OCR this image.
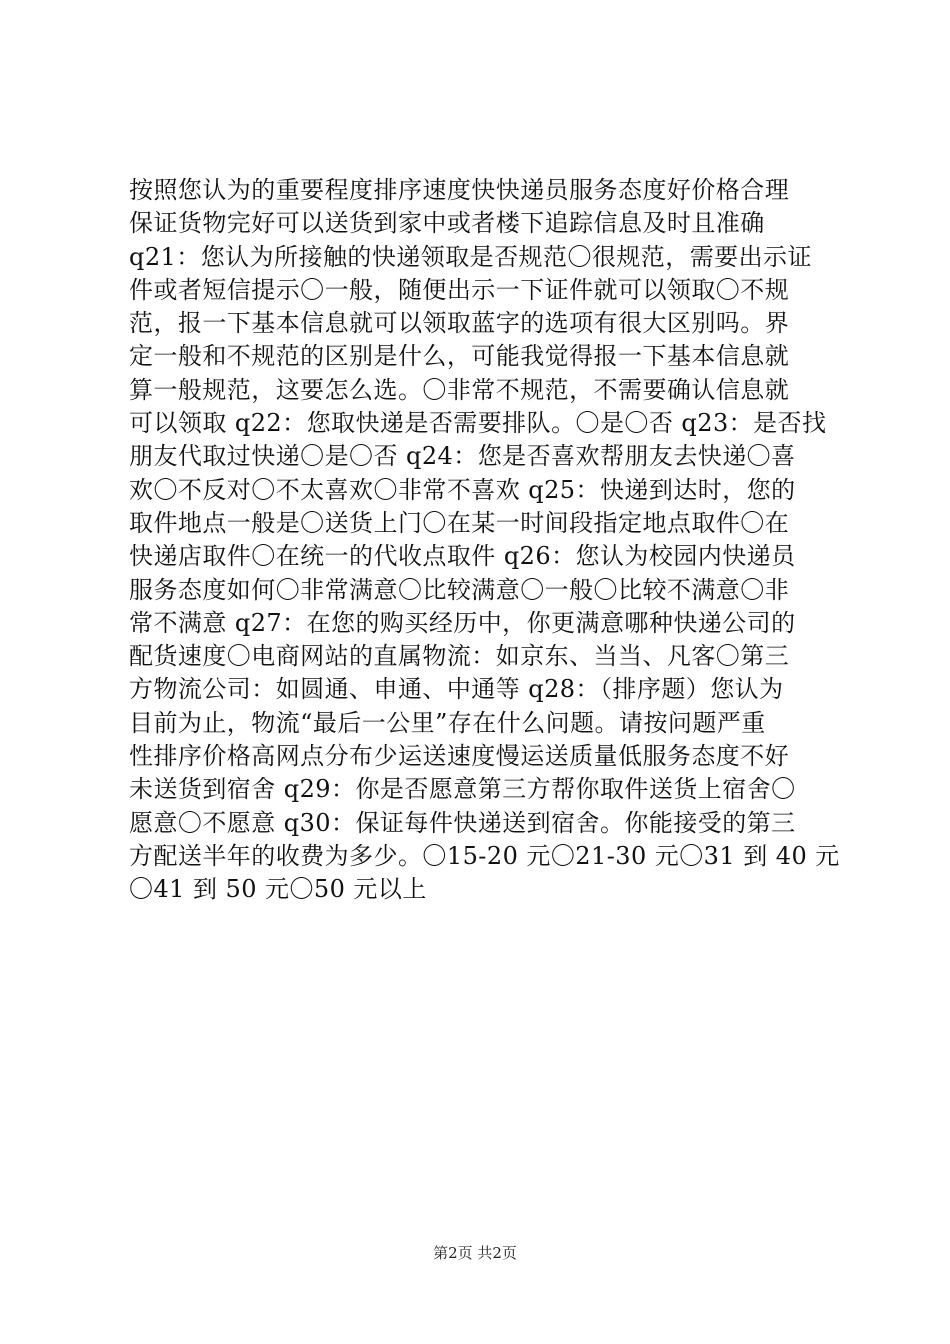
按照您认为的重要程度排序速度快快递员服务态度好价格合理
保证货物完好可以送货到家中或者楼下追踪信息及时且准确
q21：您认为所接触的快递领取是否规范〇很规范，需要出示证
件或者短信提示〇一般，随便出示一下证件就可以领取〇不规
范，报一下基本信息就可以领取蓝字的选项有很大区别吗。界
定一般和不规范的区别是什么，可能我觉得报一下基本信息就
算一般规范，这要怎么选。〇非常不规范，不需要确认信息就
可以领取 q22：您取快递是否需要排队。〇是〇否 q23：是否找
朋友代取过快递〇是〇否 q24：您是否喜欢帮朋友去快递〇喜
欢〇不反对〇不太喜欢〇非常不喜欢 q25：快递到达时，您的
取件地点一般是〇送货上门〇在某一时间段指定地点取件〇在
快递店取件〇在统一的代收点取件 q26：您认为校园内快递员
服务态度如何〇非常满意〇比较满意〇一般〇比较不满意〇非
常不满意 q27：在您的购买经历中，你更满意哪种快递公司的
配货速度〇电商网站的直属物流：如京东、当当、凡客〇第三
方物流公司：如圆通、申通、中通等 q28：（排序题）您认为
目前为止，物流“最后一公里”存在什么问题。请按问题严重
性排序价格高网点分布少运送速度慢运送质量低服务态度不好
未送货到宿舍 q29：你是否愿意第三方帮你取件送货上宿舍〇
愿意〇不愿意 q30：保证每件快递送到宿舍。你能接受的第三
方配送半年的收费为多少。〇15-20 元〇21-30 元〇31 到 40 元
〇41 到 50 元〇50 元以上
第2页 共2页
